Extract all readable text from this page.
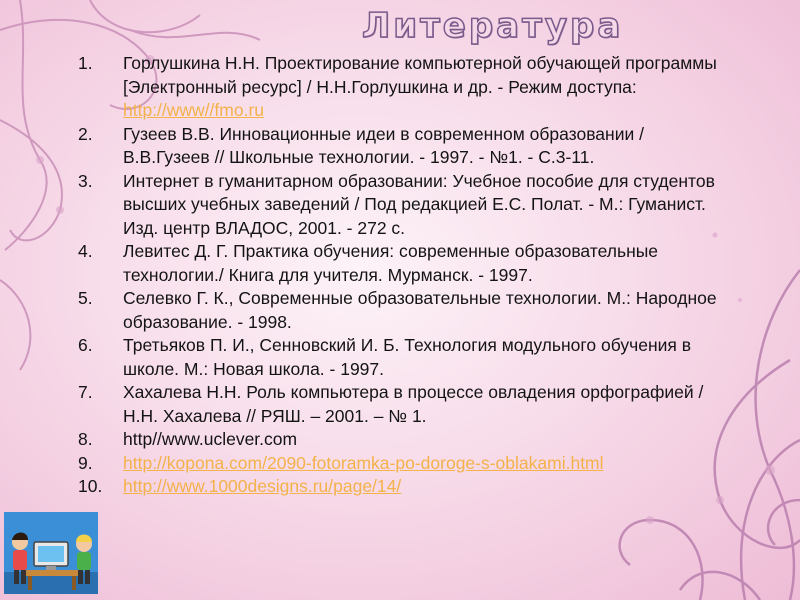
Литература
1.	Горлушкина Н.Н. Проектирование компьютерной обучающей программы [Электронный ресурс] / Н.Н.Горлушкина и др. - Режим доступа: http://www//fmo.ru
2.	Гузеев В.В. Инновационные идеи в современном образовании / В.В.Гузеев // Школьные технологии. - 1997. - №1. - С.3-11.
3.	Интернет в гуманитарном образовании: Учебное пособие для студентов высших учебных заведений / Под редакцией Е.С. Полат. - М.: Гуманист. Изд. центр ВЛАДОС, 2001. - 272 с.
4.	Левитес Д. Г. Практика обучения: современные образовательные технологии./ Книга для учителя. Мурманск. - 1997.
5.	Селевко Г. К., Современные образовательные технологии. М.: Народное образование. - 1998.
6.	Третьяков П. И., Сенновский И. Б. Технология модульного обучения в школе. М.: Новая школа. - 1997.
7.	Хахалева Н.Н. Роль компьютера в процессе овладения орфографией / Н.Н. Хахалева // РЯШ. – 2001. – № 1.
8.	http//www.uclever.com
9.	http://kopona.com/2090-fotoramka-po-doroge-s-oblakami.html
10.	http://www.1000designs.ru/page/14/
